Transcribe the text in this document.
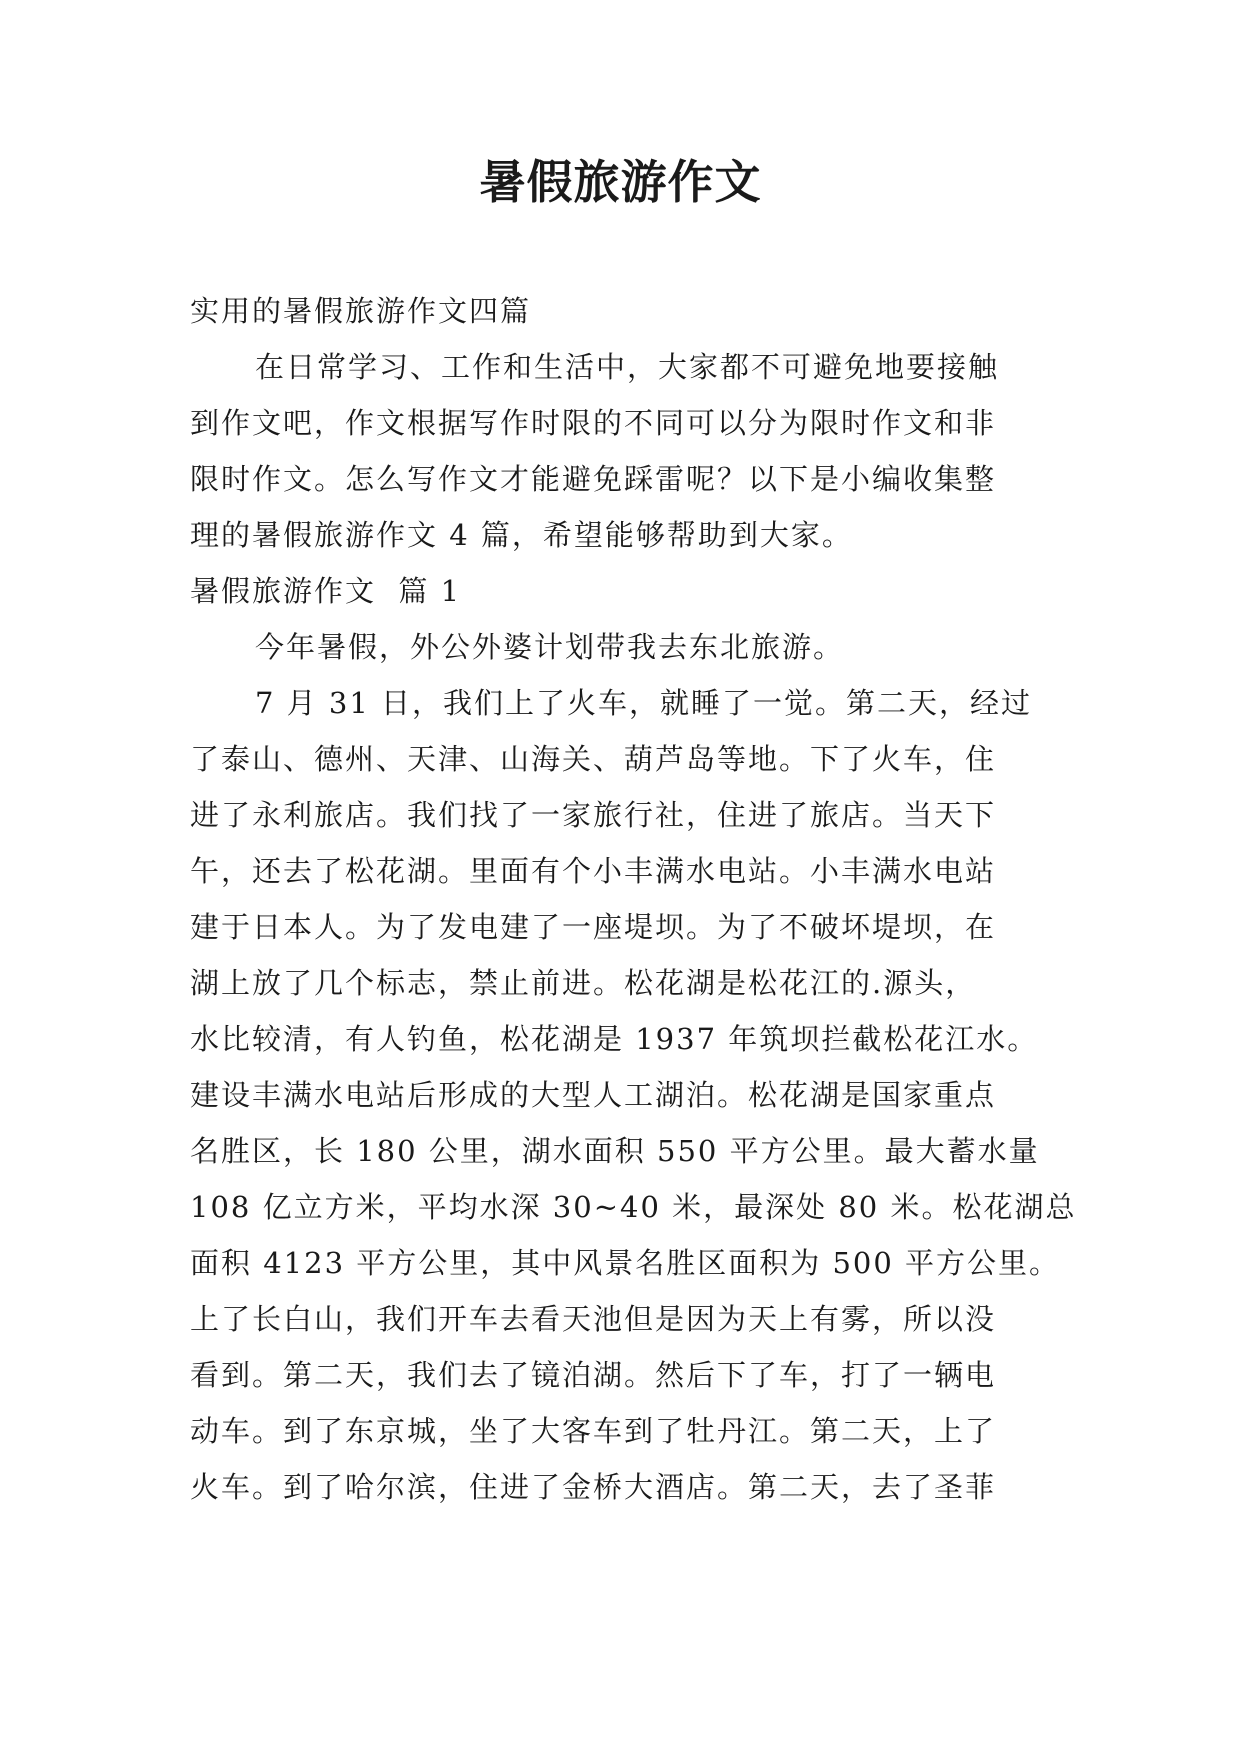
暑假旅游作文
实用的暑假旅游作文四篇
在日常学习、工作和生活中，大家都不可避免地要接触
到作文吧，作文根据写作时限的不同可以分为限时作文和非
限时作文。怎么写作文才能避免踩雷呢？以下是小编收集整
理的暑假旅游作文 4 篇，希望能够帮助到大家。
暑假旅游作文  篇 1
今年暑假，外公外婆计划带我去东北旅游。
7 月 31 日，我们上了火车，就睡了一觉。第二天，经过
了泰山、德州、天津、山海关、葫芦岛等地。下了火车，住
进了永利旅店。我们找了一家旅行社，住进了旅店。当天下
午，还去了松花湖。里面有个小丰满水电站。小丰满水电站
建于日本人。为了发电建了一座堤坝。为了不破坏堤坝，在
湖上放了几个标志，禁止前进。松花湖是松花江的.源头，
水比较清，有人钓鱼，松花湖是 1937 年筑坝拦截松花江水。
建设丰满水电站后形成的大型人工湖泊。松花湖是国家重点
名胜区，长 180 公里，湖水面积 550 平方公里。最大蓄水量
108 亿立方米，平均水深 30~40 米，最深处 80 米。松花湖总
面积 4123 平方公里，其中风景名胜区面积为 500 平方公里。
上了长白山，我们开车去看天池但是因为天上有雾，所以没
看到。第二天，我们去了镜泊湖。然后下了车，打了一辆电
动车。到了东京城，坐了大客车到了牡丹江。第二天，上了
火车。到了哈尔滨，住进了金桥大酒店。第二天，去了圣菲
